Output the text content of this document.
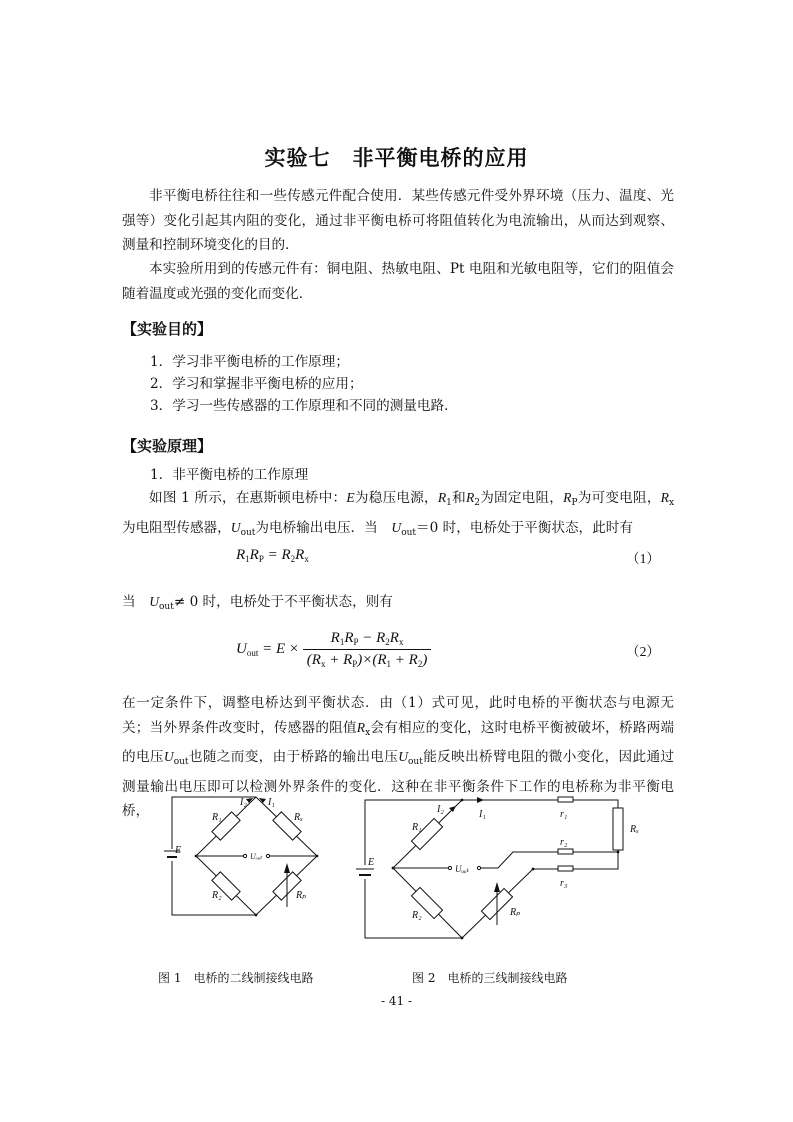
实验七 非平衡电桥的应用
非平衡电桥往往和一些传感元件配合使用．某些传感元件受外界环境（压力、温度、光强等）变化引起其内阻的变化，通过非平衡电桥可将阻值转化为电流输出，从而达到观察、测量和控制环境变化的目的．
本实验所用到的传感元件有：铜电阻、热敏电阻、Pt 电阻和光敏电阻等，它们的阻值会随着温度或光强的变化而变化．
【实验目的】
1．学习非平衡电桥的工作原理；
2．学习和掌握非平衡电桥的应用；
3．学习一些传感器的工作原理和不同的测量电路．
【实验原理】
1．非平衡电桥的工作原理
如图 1 所示，在惠斯顿电桥中：E为稳压电源，$R_1$和$R_2$为固定电阻，$R_P$为可变电阻，$R_x$为电阻型传感器，$U_{out}$为电桥输出电压．当　$U_{out}=0$ 时，电桥处于平衡状态，此时有
$R_1R_P = R_2R_x$	（1）
当　$U_{out}\ne 0$ 时，电桥处于不平衡状态，则有
$U_{out} = E \times \frac{R_1R_P - R_2R_x}{(R_x + R_P)\times(R_1 + R_2)}$	（2）
在一定条件下，调整电桥达到平衡状态．由（1）式可见，此时电桥的平衡状态与电源无关；当外界条件改变时，传感器的阻值$R_x$会有相应的变化，这时电桥平衡被破坏，桥路两端的电压$U_{out}$也随之而变，由于桥路的输出电压$U_{out}$能反映出桥臂电阻的微小变化，因此通过测量输出电压即可以检测外界条件的变化．这种在非平衡条件下工作的电桥称为非平衡电桥，
E
R₁	Rₓ
R₂	Rₚ
I₂ I₁
Uₒᵤₜ
E
R₁
R₂	Rₚ
Rₓ
I₂	I₁	r₁
r₂
r₃
Uₒᵤₜ
图 1　电桥的二线制接线电路	图 2　电桥的三线制接线电路
- 41 -
